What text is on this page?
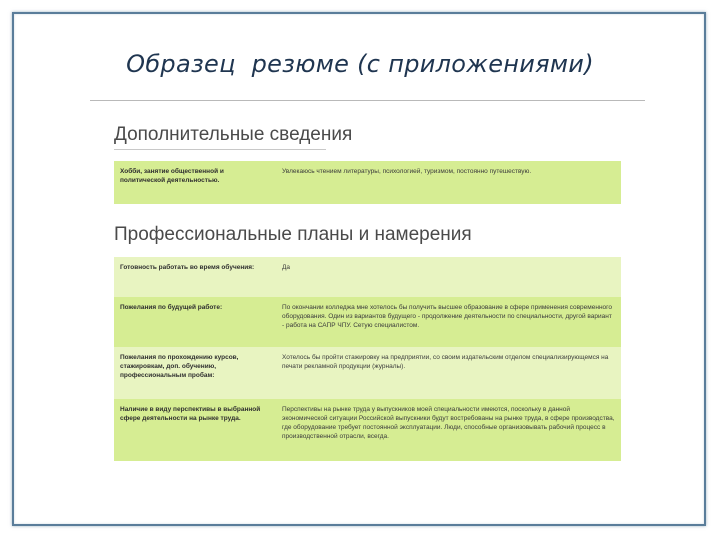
Образец  резюме (с приложениями)
Дополнительные сведения
Хобби, занятие общественной и политической деятельностью.	Увлекаюсь чтением литературы, психологией, туризмом, постоянно путешествую.
Профессиональные планы и намерения
Готовность работать во время обучения:	Да
Пожелания по будущей работе:	По окончании колледжа мне хотелось бы получить высшее образование в сфере применения современного оборудования. Один из вариантов будущего - продолжение деятельности по специальности, другой вариант - работа на САПР ЧПУ. Сетую специалистом.
Пожелания по прохождению курсов, стажировкам, доп. обучению, профессиональным пробам:	Хотелось бы пройти стажировку на предприятии, со своим издательским отделом специализирующемся на печати рекламной продукции (журналы).
Наличие в виду перспективы в выбранной сфере деятельности на рынке труда.	Перспективы на рынке труда у выпускников моей специальности имеются, поскольку в данной экономической ситуации Российской выпускники будут востребованы на рынке труда, в сфере производства, где оборудование требует постоянной эксплуатации. Люди, способные организовывать рабочий процесс в производственной отрасли, всегда.
